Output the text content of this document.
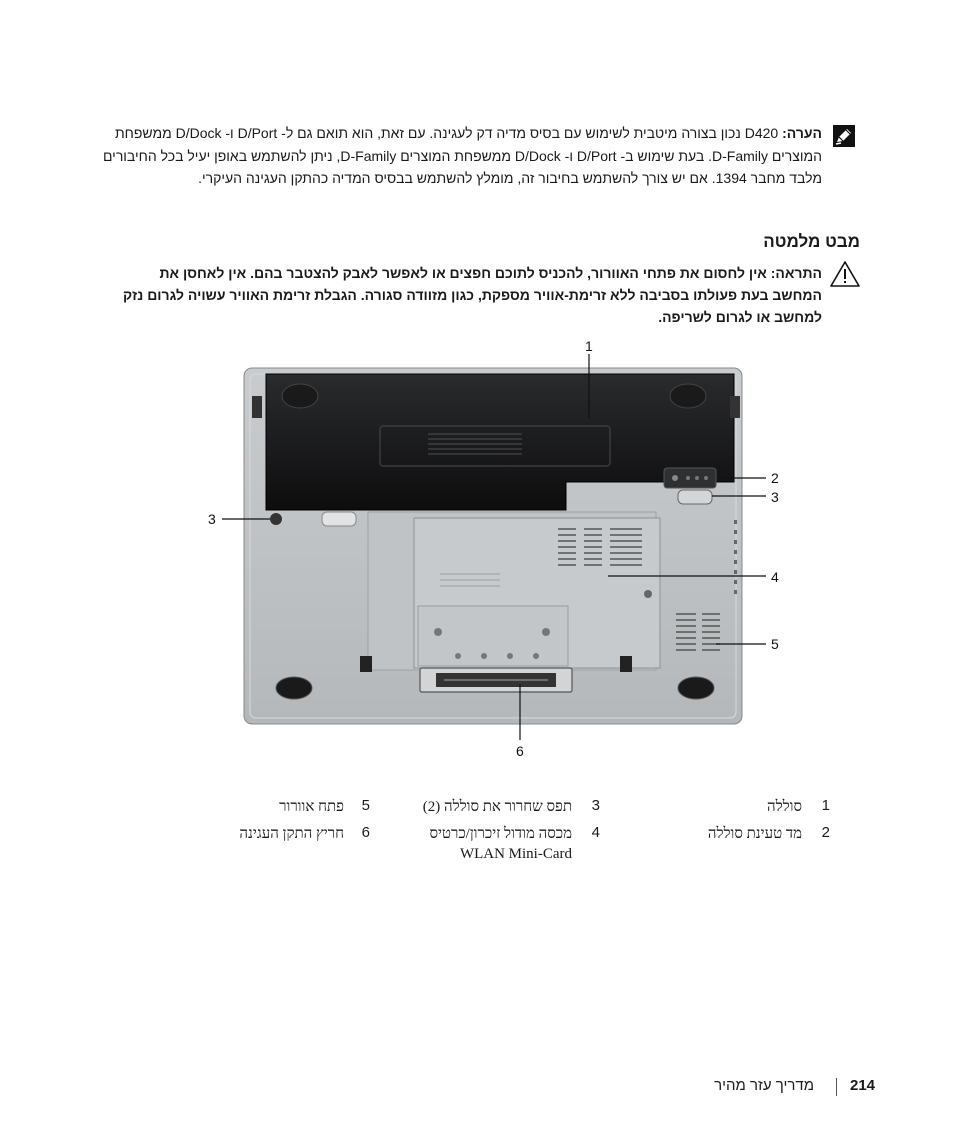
הערה: D420 נכון בצורה מיטבית לשימוש עם בסיס מדיה דק לעגינה. עם זאת, הוא תואם גם ל- D/Port ו- D/Dock ממשפחת המוצרים D-Family. בעת שימוש ב- D/Port ו- D/Dock ממשפחת המוצרים D-Family, ניתן להשתמש באופן יעיל בכל החיבורים מלבד מחבר 1394. אם יש צורך להשתמש בחיבור זה, מומלץ להשתמש בבסיס המדיה כהתקן העגינה העיקרי.
מבט מלמטה
התראה: אין לחסום את פתחי האוורור, להכניס לתוכם חפצים או לאפשר לאבק להצטבר בהם. אין לאחסן את המחשב בעת פעולתו בסביבה ללא זרימת-אוויר מספקת, כגון מזוודה סגורה. הגבלת זרימת האוויר עשויה לגרום נזק למחשב או לגרום לשריפה.
1
2
3
3
4
5
6
1
סוללה
2
מד טעינת סוללה
3
תפס שחרור את סוללה (2)
4
מכסה מודול זיכרון/כרטיס
WLAN Mini-Card
5
פתח אוורור
6
חריץ התקן העגינה
מדריך עזר מהיר 214
